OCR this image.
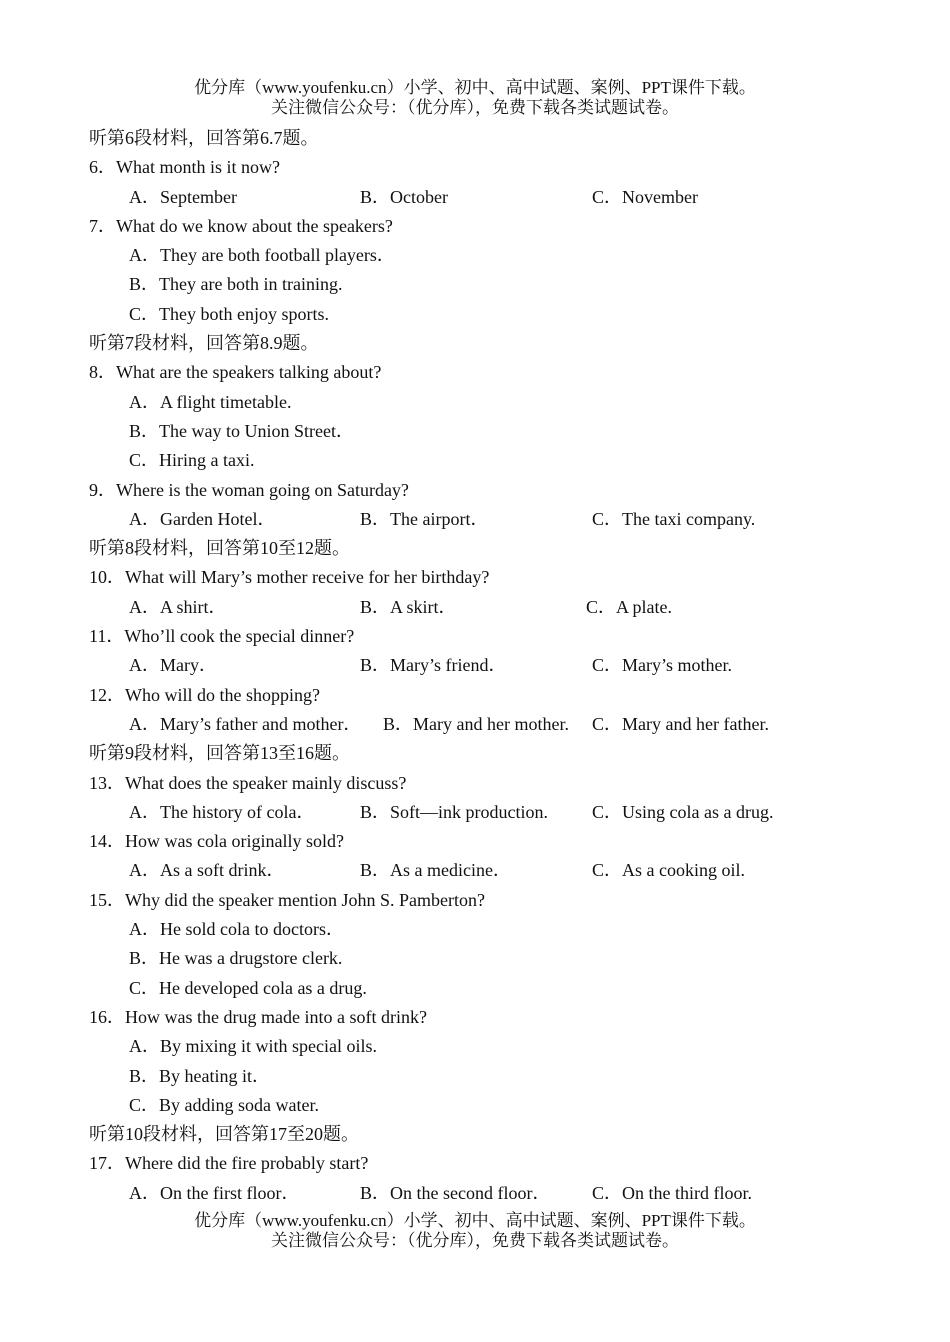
优分库（www.youfenku.cn）小学、初中、高中试题、案例、PPT课件下载。
关注微信公众号：（优分库），免费下载各类试题试卷。
听第6段材料，回答第6.7题。
6．What month is it now?
A．September	B．October	C．November
7．What do we know about the speakers?
A．They are both football players．
B．They are both in training.
C．They both enjoy sports.
听第7段材料，回答第8.9题。
8．What are the speakers talking about?
A．A flight timetable.
B．The way to Union Street．
C．Hiring a taxi.
9．Where is the woman going on Saturday?
A．Garden Hotel．	B．The airport．	C．The taxi company.
听第8段材料，回答第10至12题。
10．What will Mary’s mother receive for her birthday?
A．A shirt．	B．A skirt．	C．A plate.
11．Who’ll cook the special dinner?
A．Mary．	B．Mary’s friend．	C．Mary’s mother.
12．Who will do the shopping?
A．Mary’s father and mother． B．Mary and her mother. C．Mary and her father.
听第9段材料，回答第13至16题。
13．What does the speaker mainly discuss?
A．The history of cola．	B．Soft—ink production. C．Using cola as a drug.
14．How was cola originally sold?
A．As a soft drink．	B．As a medicine．	C．As a cooking oil.
15．Why did the speaker mention John S. Pamberton?
A．He sold cola to doctors．
B．He was a drugstore clerk.
C．He developed cola as a drug.
16．How was the drug made into a soft drink?
A．By mixing it with special oils.
B．By heating it．
C．By adding soda water.
听第10段材料，回答第17至20题。
17．Where did the fire probably start?
A．On the first floor．	B．On the second floor． C．On the third floor.
优分库（www.youfenku.cn）小学、初中、高中试题、案例、PPT课件下载。
关注微信公众号：（优分库），免费下载各类试题试卷。
